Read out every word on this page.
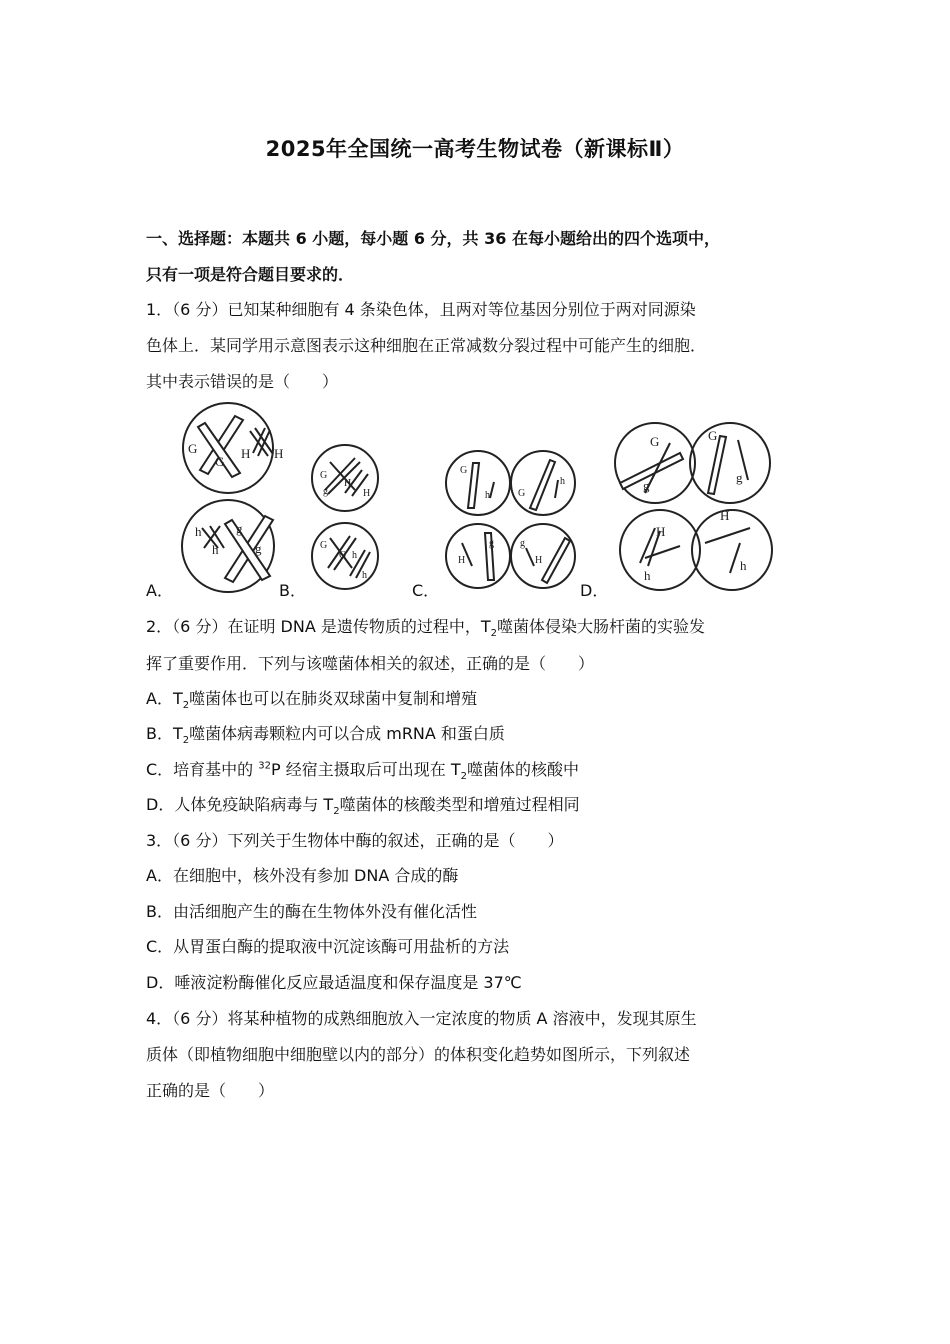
2025年全国统一高考生物试卷（新课标Ⅱ）
一、选择题：本题共 6 小题，每小题 6 分，共 36 在每小题给出的四个选项中，
只有一项是符合题目要求的．
1．（6 分）已知某种细胞有 4 条染色体，且两对等位基因分别位于两对同源染
色体上．某同学用示意图表示这种细胞在正常减数分裂过程中可能产生的细胞．
其中表示错误的是（　　）
G
G
H H
h
h
g
g
G
g
H
H
G
G h
h
G
h	G
h
H
g	g
H
G
g
G
g
H
h
H
h
A．	B．	C．	D．
2．（6 分）在证明 DNA 是遗传物质的过程中，$T_2$噬菌体侵染大肠杆菌的实验发
挥了重要作用．下列与该噬菌体相关的叙述，正确的是（　　）
A．$T_2$噬菌体也可以在肺炎双球菌中复制和增殖
B．$T_2$噬菌体病毒颗粒内可以合成 mRNA 和蛋白质
C．培育基中的 $^{32}$P 经宿主摄取后可出现在 $T_2$噬菌体的核酸中
D．人体免疫缺陷病毒与 $T_2$噬菌体的核酸类型和增殖过程相同
3．（6 分）下列关于生物体中酶的叙述，正确的是（　　）
A．在细胞中，核外没有参加 DNA 合成的酶
B．由活细胞产生的酶在生物体外没有催化活性
C．从胃蛋白酶的提取液中沉淀该酶可用盐析的方法
D．唾液淀粉酶催化反应最适温度和保存温度是 37℃
4．（6 分）将某种植物的成熟细胞放入一定浓度的物质 A 溶液中，发现其原生
质体（即植物细胞中细胞壁以内的部分）的体积变化趋势如图所示，下列叙述
正确的是（　　）
